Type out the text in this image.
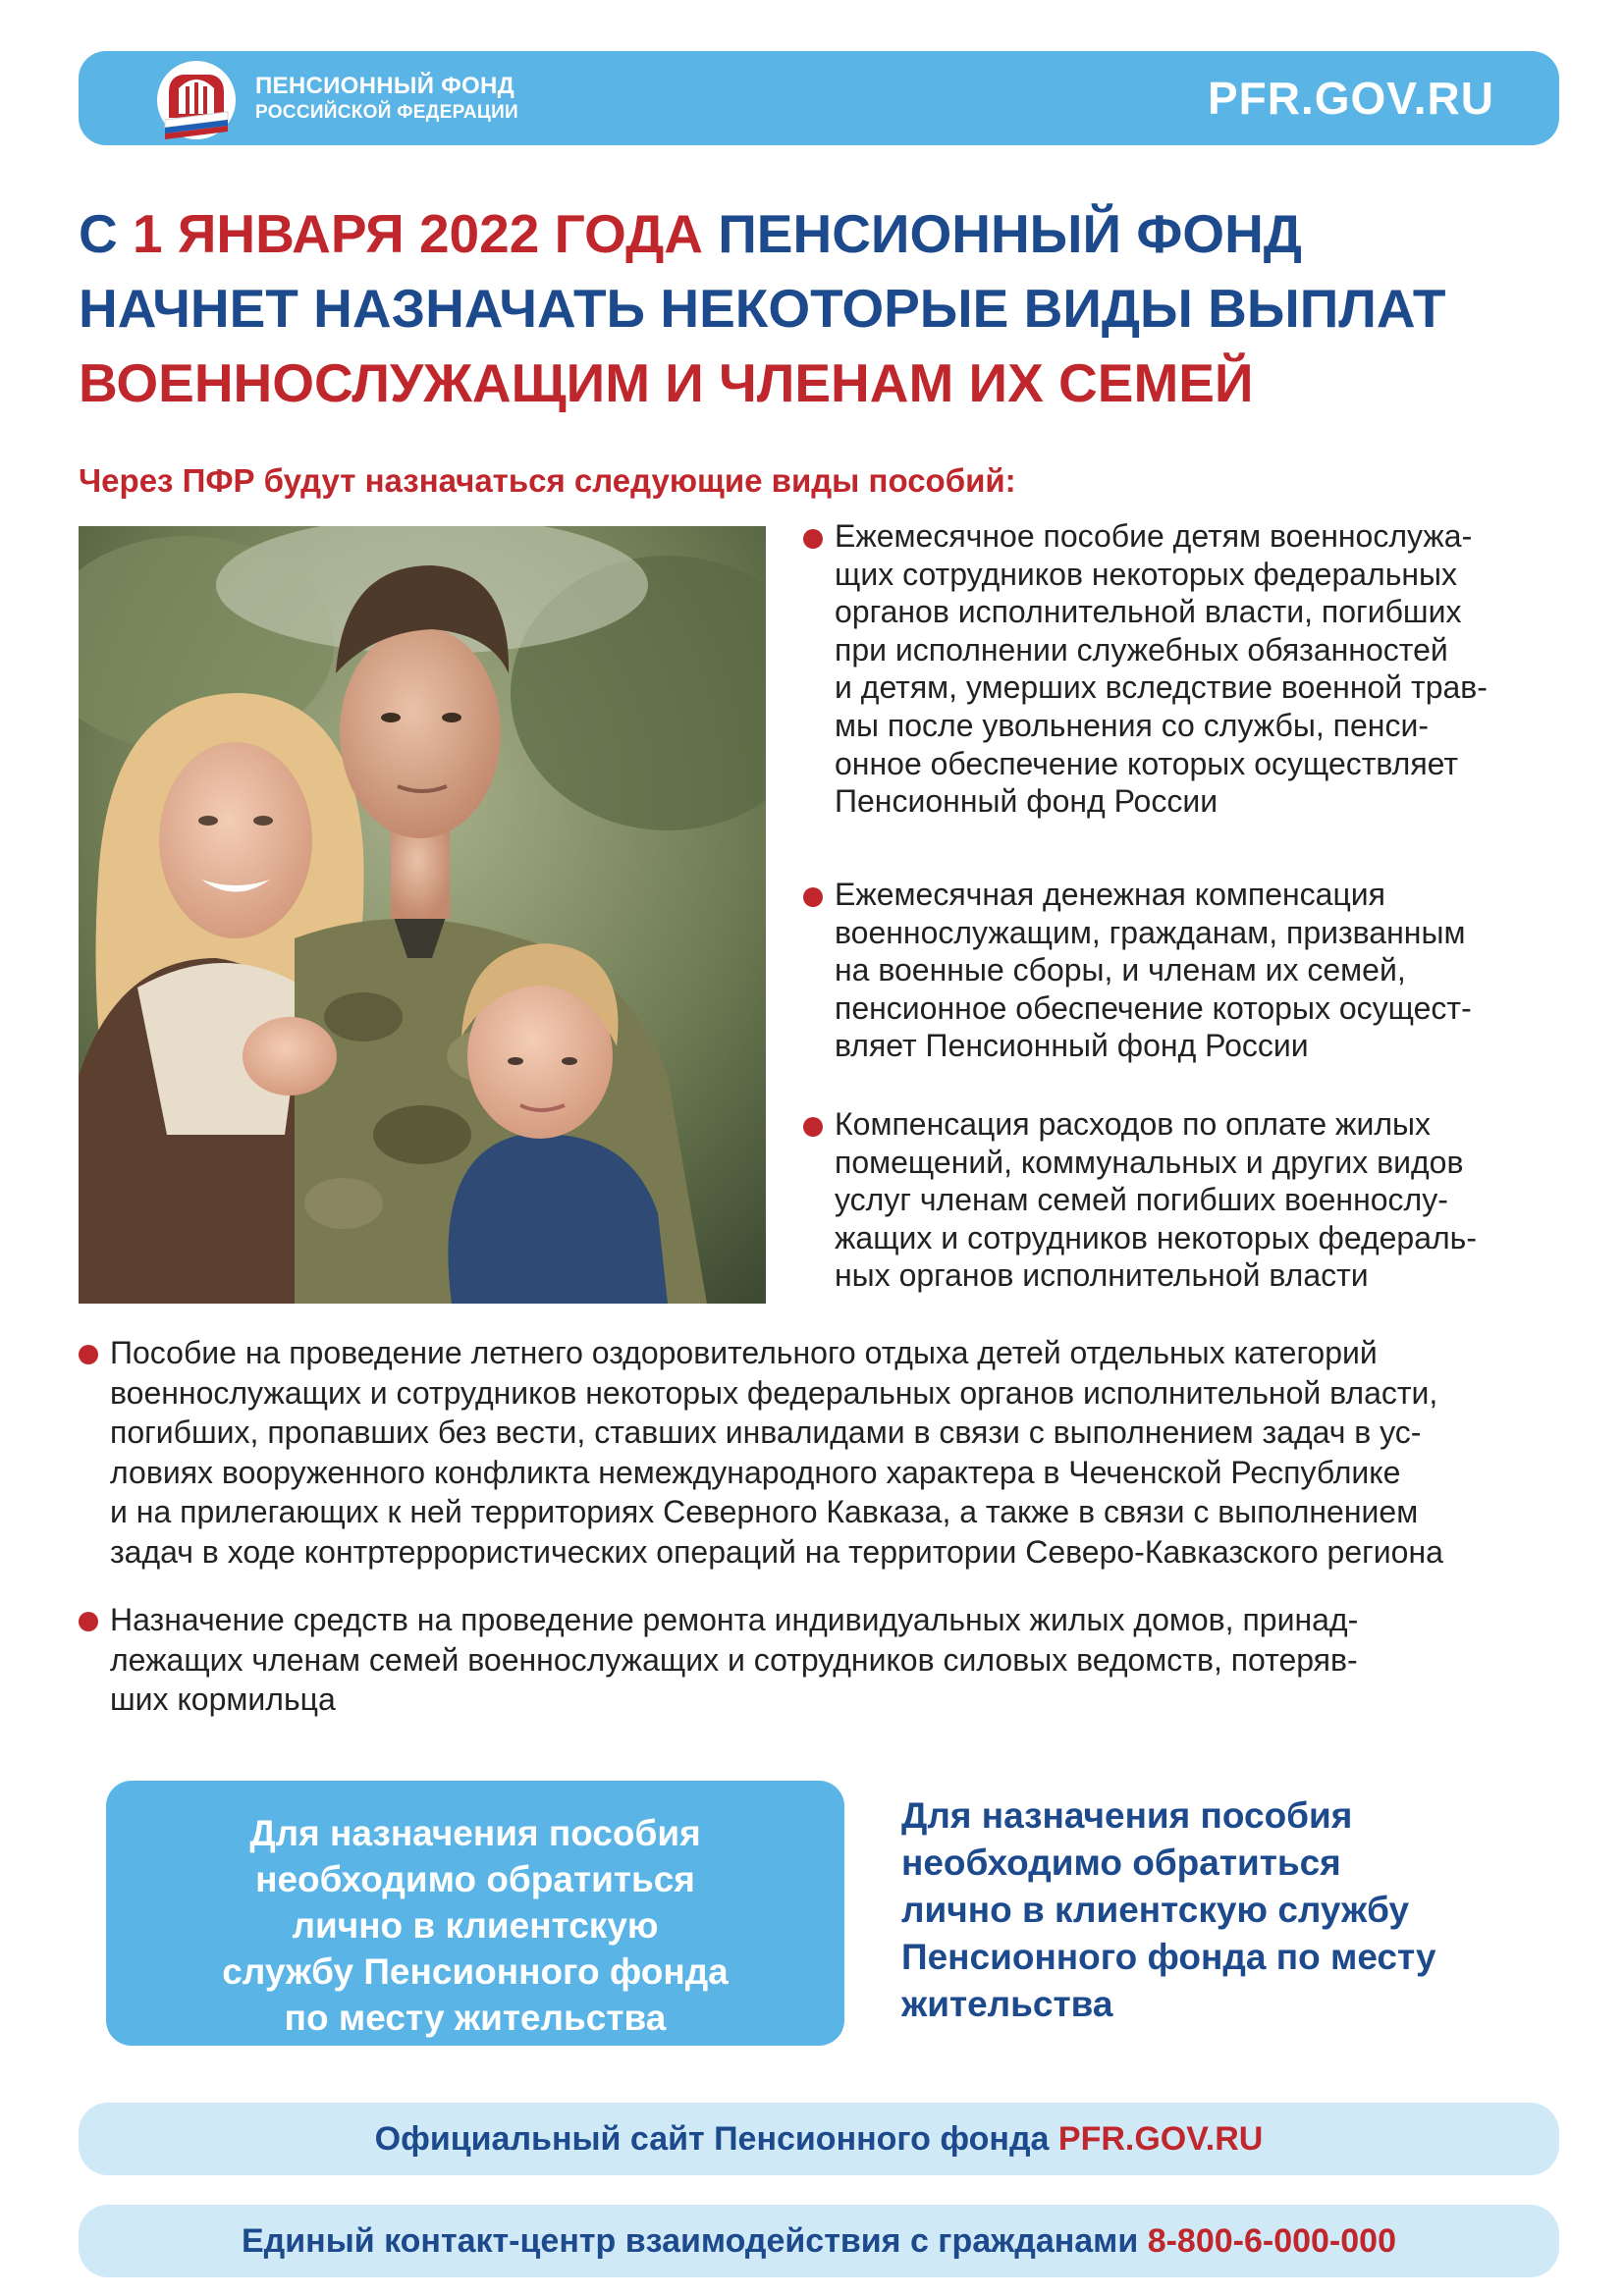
ПЕНСИОННЫЙ ФОНД
РОССИЙСКОЙ ФЕДЕРАЦИИ	PFR.GOV.RU
С 1 ЯНВАРЯ 2022 ГОДА ПЕНСИОННЫЙ ФОНД
НАЧНЕТ НАЗНАЧАТЬ НЕКОТОРЫЕ ВИДЫ ВЫПЛАТ
ВОЕННОСЛУЖАЩИМ И ЧЛЕНАМ ИХ СЕМЕЙ
Через ПФР будут назначаться следующие виды пособий:
Ежемесячное пособие детям военнослужа-
щих сотрудников некоторых федеральных
органов исполнительной власти, погибших
при исполнении служебных обязанностей
и детям, умерших вследствие военной трав-
мы после увольнения со службы, пенси-
онное обеспечение которых осуществляет
Пенсионный фонд России
Ежемесячная денежная компенсация
военнослужащим, гражданам, призванным
на военные сборы, и членам их семей,
пенсионное обеспечение которых осущест-
вляет Пенсионный фонд России
Компенсация расходов по оплате жилых
помещений, коммунальных и других видов
услуг членам семей погибших военнослу-
жащих и сотрудников некоторых федераль-
ных органов исполнительной власти
Пособие на проведение летнего оздоровительного отдыха детей отдельных категорий
военнослужащих и сотрудников некоторых федеральных органов исполнительной власти,
погибших, пропавших без вести, ставших инвалидами в связи с выполнением задач в ус-
ловиях вооруженного конфликта немеждународного характера в Чеченской Республике
и на прилегающих к ней территориях Северного Кавказа, а также в связи с выполнением
задач в ходе контртеррористических операций на территории Северо-Кавказского региона
Назначение средств на проведение ремонта индивидуальных жилых домов, принад-
лежащих членам семей военнослужащих и сотрудников силовых ведомств, потеряв-
ших кормильца
Для назначения пособия
необходимо обратиться
лично в клиентскую
службу Пенсионного фонда
по месту жительства
Для назначения пособия
необходимо обратиться
лично в клиентскую службу
Пенсионного фонда по месту
жительства
Официальный сайт Пенсионного фонда PFR.GOV.RU
Единый контакт-центр взаимодействия с гражданами 8-800-6-000-000
